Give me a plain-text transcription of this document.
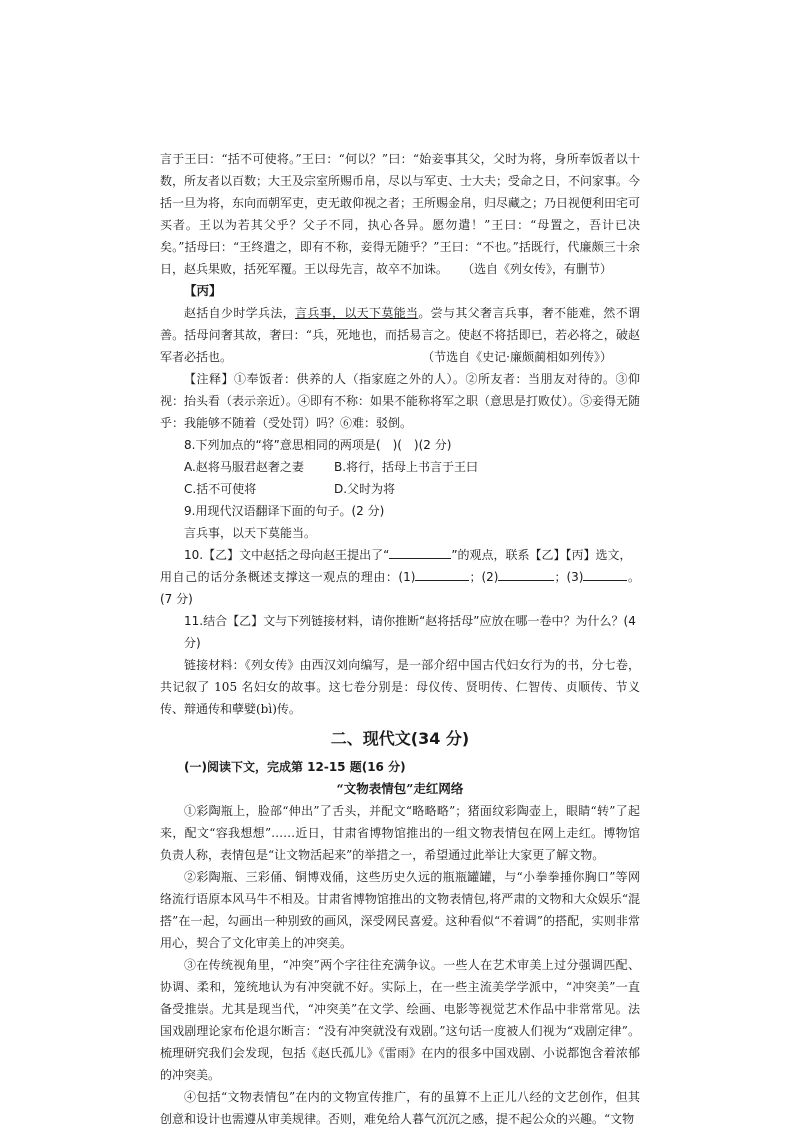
言于王曰：“括不可使将。”王曰：“何以？”曰：“始妾事其父，父时为将，身所奉饭者以十数，所友者以百数；大王及宗室所赐币帛，尽以与军吏、士大夫；受命之日，不问家事。今括一旦为将，东向而朝军吏，吏无敢仰视之者；王所赐金帛，归尽藏之；乃日视便利田宅可买者。王以为若其父乎？父子不同，执心各异。愿勿遣！”王曰：“母置之，吾计已决矣。”括母曰：“王终遣之，即有不称，妾得无随乎？”王曰：“不也。”括既行，代廉颇三十余日，赵兵果败，括死军覆。王以母先言，故卒不加诛。	（选自《列女传》，有删节）

【丙】

赵括自少时学兵法，言兵事，以天下莫能当。尝与其父奢言兵事，奢不能难，然不谓善。括母问奢其故，奢曰：“兵，死地也，而括易言之。使赵不将括即已，若必将之，破赵军者必括也。	（节选自《史记·廉颇蔺相如列传》）

【注释】①奉饭者：供养的人（指家庭之外的人）。②所友者：当朋友对待的。③仰视：抬头看（表示亲近）。④即有不称：如果不能称将军之职（意思是打败仗）。⑤妾得无随乎：我能够不随着（受处罚）吗？⑥难：驳倒。

8.下列加点的“将”意思相同的两项是(　)(　)(2 分)

A.赵将马服君赵奢之妻	B.将行，括母上书言于王曰
C.括不可使将	D.父时为将

9.用现代汉语翻译下面的句子。(2 分)

言兵事，以天下莫能当。

10.【乙】文中赵括之母向赵王提出了“	”的观点，联系【乙】【丙】选文，

用自己的话分条概述支撑这一观点的理由：(1)	；(2)	；(3)	。(7 分)

11.结合【乙】文与下列链接材料，请你推断“赵将括母”应放在哪一卷中？为什么？(4 分)

链接材料：《列女传》由西汉刘向编写，是一部介绍中国古代妇女行为的书，分七卷，共记叙了 105 名妇女的故事。这七卷分别是：母仪传、贤明传、仁智传、贞顺传、节义传、辩通传和孽嬖(bì)传。

二、现代文(34 分)

(一)阅读下文，完成第 12-15 题(16 分)

“文物表情包”走红网络

①彩陶瓶上，脸部“伸出”了舌头，并配文“略略略”；猪面纹彩陶壶上，眼睛“转”了起来，配文“容我想想”……近日，甘肃省博物馆推出的一组文物表情包在网上走红。博物馆负责人称，表情包是“让文物活起来”的举措之一，希望通过此举让大家更了解文物。

②彩陶瓶、三彩俑、铜博戏俑，这些历史久远的瓶瓶罐罐，与“小拳拳捶你胸口”等网络流行语原本风马牛不相及。甘肃省博物馆推出的文物表情包,将严肃的文物和大众娱乐“混搭”在一起，勾画出一种别致的画风，深受网民喜爱。这种看似“不着调”的搭配，实则非常用心，契合了文化审美上的冲突美。

③在传统视角里，“冲突”两个字往往充满争议。一些人在艺术审美上过分强调匹配、协调、柔和，笼统地认为有冲突就不好。实际上，在一些主流美学学派中，“冲突美”一直备受推崇。尤其是现当代，“冲突美”在文学、绘画、电影等视觉艺术作品中非常常见。法国戏剧理论家布伦退尔断言：“没有冲突就没有戏剧。”这句话一度被人们视为“戏剧定律”。梳理研究我们会发现，包括《赵氏孤儿》《雷雨》在内的很多中国戏剧、小说都饱含着浓郁的冲突美。

④包括“文物表情包”在内的文物宣传推广，有的虽算不上正儿八经的文艺创作，但其创意和设计也需遵从审美规律。否则，难免给人暮气沉沉之感，提不起公众的兴趣。“文物
